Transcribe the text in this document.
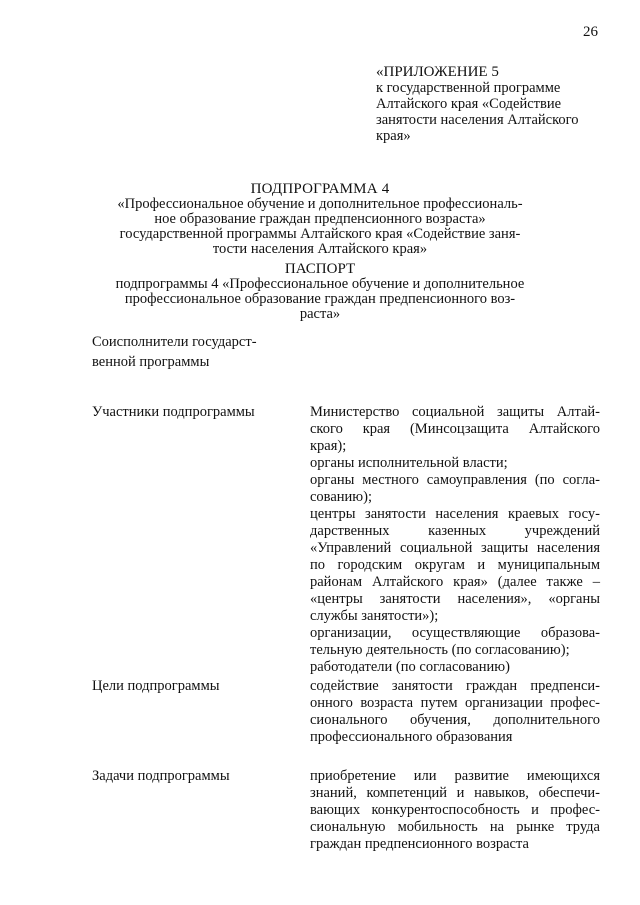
26
«ПРИЛОЖЕНИЕ 5
к государственной программе
Алтайского края «Содействие
занятости населения Алтайского
края»
ПОДПРОГРАММА 4
«Профессиональное обучение и дополнительное профессиональ-
ное образование граждан предпенсионного возраста»
государственной программы Алтайского края «Содействие заня-
тости населения Алтайского края»
ПАСПОРТ
подпрограммы 4 «Профессиональное обучение и дополнительное
профессиональное образование граждан предпенсионного воз-
раста»
Соисполнители государст-
венной программы
Участники подпрограммы	Министерство социальной защиты Алтай-
ского края (Минсоцзащита Алтайского
края);
органы исполнительной власти;
органы местного самоуправления (по согла-
сованию);
центры занятости населения краевых госу-
дарственных казенных учреждений
«Управлений социальной защиты населения
по городским округам и муниципальным
районам Алтайского края» (далее также –
«центры занятости населения», «органы
службы занятости»);
организации, осуществляющие образова-
тельную деятельность (по согласованию);
работодатели (по согласованию)
Цели подпрограммы	содействие занятости граждан предпенси-
онного возраста путем организации профес-
сионального обучения, дополнительного
профессионального образования
Задачи подпрограммы	приобретение или развитие имеющихся
знаний, компетенций и навыков, обеспечи-
вающих конкурентоспособность и профес-
сиональную мобильность на рынке труда
граждан предпенсионного возраста
